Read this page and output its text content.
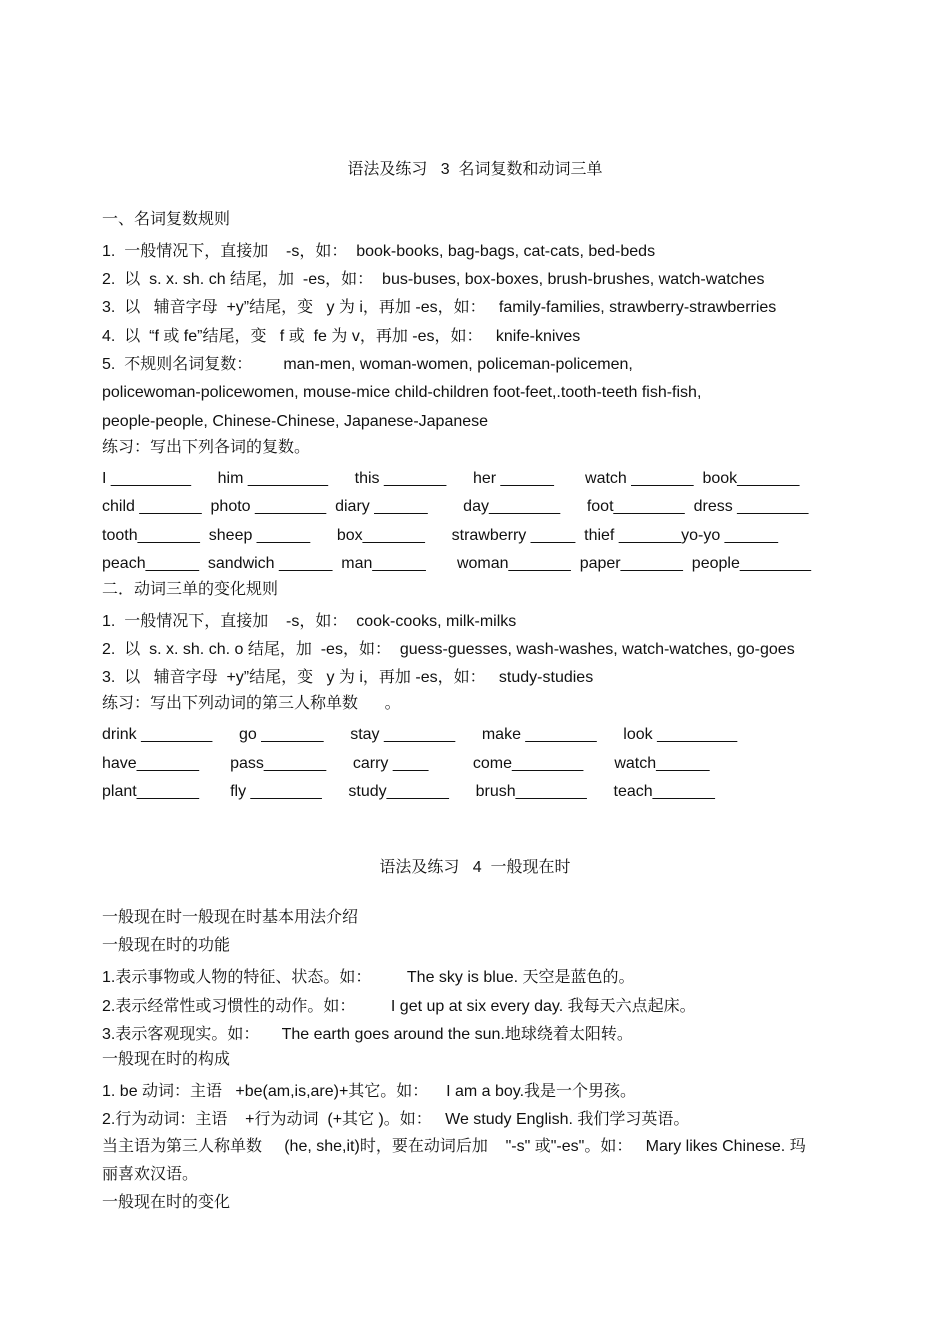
语法及练习   3  名词复数和动词三单
一、名词复数规则
1.  一般情况下，直接加    -s，如：  book-books, bag-bags, cat-cats, bed-beds
2.  以  s. x. sh. ch 结尾，加  -es，如：  bus-buses, box-boxes, brush-brushes, watch-watches
3.  以   辅音字母  +y”结尾，变   y 为 i，再加 -es，如：   family-families, strawberry-strawberries
4.  以  “f 或 fe”结尾，变   f 或  fe 为 v，再加 -es，如：   knife-knives
5.  不规则名词复数：       man-men, woman-women, policeman-policemen,
policewoman-policewomen, mouse-mice child-children foot-feet,.tooth-teeth fish-fish,
people-people, Chinese-Chinese, Japanese-Japanese
练习：写出下列各词的复数。
I _________      him _________      this _______      her ______       watch _______  book_______
child _______  photo ________  diary ______        day________      foot________  dress ________
tooth_______  sheep ______      box_______      strawberry _____  thief _______yo-yo ______
peach______  sandwich ______  man______       woman_______  paper_______  people________
二．动词三单的变化规则
1.  一般情况下，直接加    -s，如：  cook-cooks, milk-milks
2.  以  s. x. sh. ch. o 结尾，加  -es，如：  guess-guesses, wash-washes, watch-watches, go-goes
3.  以   辅音字母  +y”结尾，变   y 为 i，再加 -es，如：   study-studies
练习：写出下列动词的第三人称单数      。
drink ________      go _______      stay ________      make ________      look _________
have_______       pass_______      carry ____          come________       watch______
plant_______       fly ________      study_______      brush________      teach_______
语法及练习   4  一般现在时
一般现在时一般现在时基本用法介绍
一般现在时的功能
1.表示事物或人物的特征、状态。如：        The sky is blue. 天空是蓝色的。
2.表示经常性或习惯性的动作。如：        I get up at six every day. 我每天六点起床。
3.表示客观现实。如：     The earth goes around the sun.地球绕着太阳转。
一般现在时的构成
1. be 动词：主语   +be(am,is,are)+其它。如：    I am a boy.我是一个男孩。
2.行为动词：主语    +行为动词  (+其它 )。如：   We study English. 我们学习英语。
当主语为第三人称单数     (he, she,it)时，要在动词后加    "-s" 或"-es"。如：   Mary likes Chinese. 玛
丽喜欢汉语。
一般现在时的变化
